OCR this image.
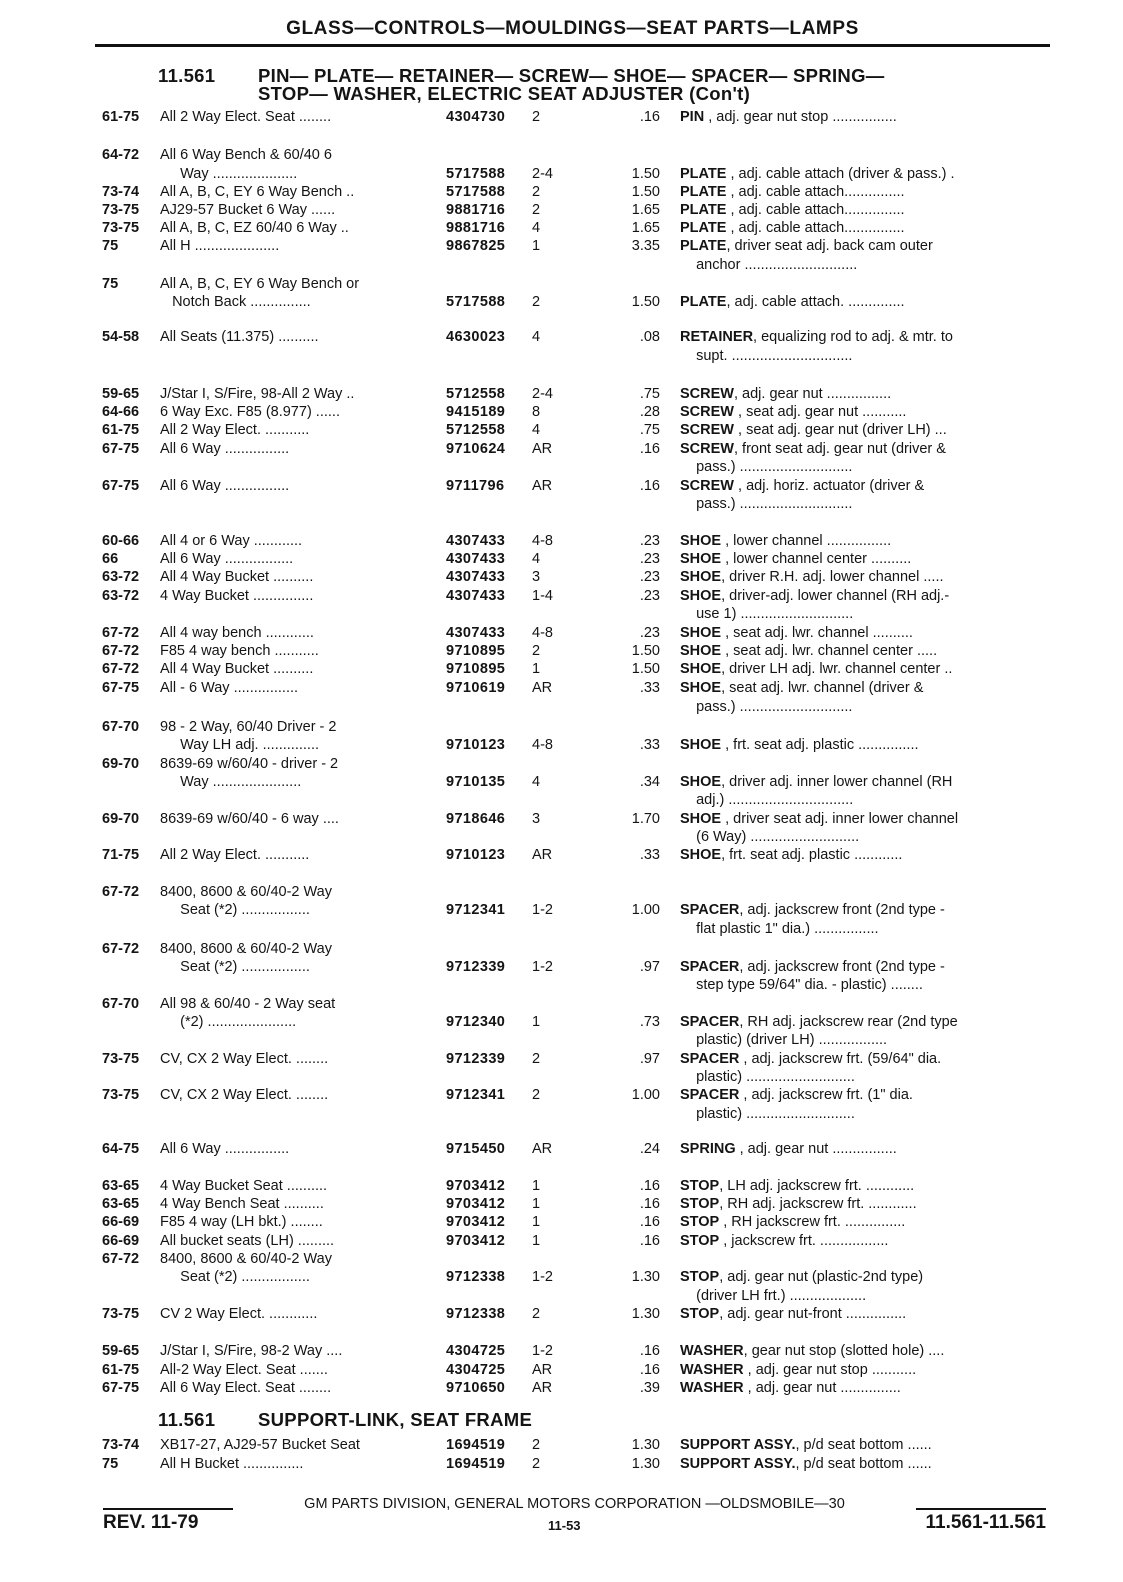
GLASS—CONTROLS—MOULDINGS—SEAT PARTS—LAMPS
11.561 PIN— PLATE— RETAINER— SCREW— SHOE— SPACER— SPRING—
STOP— WASHER, ELECTRIC SEAT ADJUSTER (Con't)
61-75 All 2 Way Elect. Seat ........	4304730 2	.16 PIN , adj. gear nut stop ................
64-72 All 6 Way Bench & 60/40 6
Way .....................	5717588 2-4	1.50 PLATE , adj. cable attach (driver & pass.) .
73-74 All A, B, C, EY 6 Way Bench ..	5717588 2	1.50 PLATE , adj. cable attach...............
73-75 AJ29-57 Bucket 6 Way ......	9881716 2	1.65 PLATE , adj. cable attach...............
73-75 All A, B, C, EZ 60/40 6 Way ..	9881716 4	1.65 PLATE , adj. cable attach...............
75	All H .....................	9867825 1	3.35 PLATE, driver seat adj. back cam outer
anchor ............................
75	All A, B, C, EY 6 Way Bench or
Notch Back ...............	5717588 2	1.50 PLATE, adj. cable attach. ..............
54-58 All Seats (11.375) ..........	4630023 4	.08 RETAINER, equalizing rod to adj. & mtr. to
supt. ..............................
59-65 J/Star I, S/Fire, 98-All 2 Way ..	5712558 2-4	.75 SCREW, adj. gear nut ................
64-66 6 Way Exc. F85 (8.977) ......	9415189 8	.28 SCREW , seat adj. gear nut ...........
61-75 All 2 Way Elect. ...........	5712558 4	.75 SCREW , seat adj. gear nut (driver LH) ...
67-75 All 6 Way ................	9710624 AR	.16 SCREW, front seat adj. gear nut (driver &
pass.) ............................
67-75 All 6 Way ................	9711796 AR	.16 SCREW , adj. horiz. actuator (driver &
pass.) ............................
60-66 All 4 or 6 Way ............	4307433 4-8	.23 SHOE , lower channel ................
66	All 6 Way .................	4307433 4	.23 SHOE , lower channel center ..........
63-72 All 4 Way Bucket ..........	4307433 3	.23 SHOE, driver R.H. adj. lower channel .....
63-72 4 Way Bucket ...............	4307433 1-4	.23 SHOE, driver-adj. lower channel (RH adj.-
use 1) ............................
67-72 All 4 way bench ............	4307433 4-8	.23 SHOE , seat adj. lwr. channel ..........
67-72 F85 4 way bench ...........	9710895 2	1.50 SHOE , seat adj. lwr. channel center .....
67-72 All 4 Way Bucket ..........	9710895 1	1.50 SHOE, driver LH adj. lwr. channel center ..
67-75 All - 6 Way ................	9710619 AR	.33 SHOE, seat adj. lwr. channel (driver &
pass.) ............................
67-70 98 - 2 Way, 60/40 Driver - 2
Way LH adj. ..............	9710123 4-8	.33 SHOE , frt. seat adj. plastic ...............
69-70 8639-69 w/60/40 - driver - 2
Way ......................	9710135 4	.34 SHOE, driver adj. inner lower channel (RH
adj.) ...............................
69-70 8639-69 w/60/40 - 6 way ....	9718646 3	1.70 SHOE , driver seat adj. inner lower channel
(6 Way) ...........................
71-75 All 2 Way Elect. ...........	9710123 AR	.33 SHOE, frt. seat adj. plastic ............
67-72 8400, 8600 & 60/40-2 Way
Seat (*2) .................	9712341 1-2	1.00 SPACER, adj. jackscrew front (2nd type -
flat plastic 1" dia.) ................
67-72 8400, 8600 & 60/40-2 Way
Seat (*2) .................	9712339 1-2	.97 SPACER, adj. jackscrew front (2nd type -
step type 59/64" dia. - plastic) ........
67-70 All 98 & 60/40 - 2 Way seat
(*2) ......................	9712340 1	.73 SPACER, RH adj. jackscrew rear (2nd type
plastic) (driver LH) .................
73-75 CV, CX 2 Way Elect. ........	9712339 2	.97 SPACER , adj. jackscrew frt. (59/64" dia.
plastic) ...........................
73-75 CV, CX 2 Way Elect. ........	9712341 2	1.00 SPACER , adj. jackscrew frt. (1" dia.
plastic) ...........................
64-75 All 6 Way ................	9715450 AR	.24 SPRING , adj. gear nut ................
63-65 4 Way Bucket Seat ..........	9703412 1	.16 STOP, LH adj. jackscrew frt. ............
63-65 4 Way Bench Seat ..........	9703412 1	.16 STOP, RH adj. jackscrew frt. ............
66-69 F85 4 way (LH bkt.) ........	9703412 1	.16 STOP , RH jackscrew frt. ...............
66-69 All bucket seats (LH) .........	9703412 1	.16 STOP , jackscrew frt. .................
67-72 8400, 8600 & 60/40-2 Way
Seat (*2) .................	9712338 1-2	1.30 STOP, adj. gear nut (plastic-2nd type)
(driver LH frt.) ...................
73-75 CV 2 Way Elect. ............	9712338 2	1.30 STOP, adj. gear nut-front ...............
59-65 J/Star I, S/Fire, 98-2 Way ....	4304725 1-2	.16 WASHER, gear nut stop (slotted hole) ....
61-75 All-2 Way Elect. Seat .......	4304725 AR	.16 WASHER , adj. gear nut stop ...........
67-75 All 6 Way Elect. Seat ........	9710650 AR	.39 WASHER , adj. gear nut ...............
73-74 XB17-27, AJ29-57 Bucket Seat	1694519 2	1.30 SUPPORT ASSY., p/d seat bottom ......
75	All H Bucket ...............	1694519 2	1.30 SUPPORT ASSY., p/d seat bottom ......
11.561 SUPPORT-LINK, SEAT FRAME
GM PARTS DIVISION, GENERAL MOTORS CORPORATION —OLDSMOBILE—30
REV. 11-79	11-53	11.561-11.561
